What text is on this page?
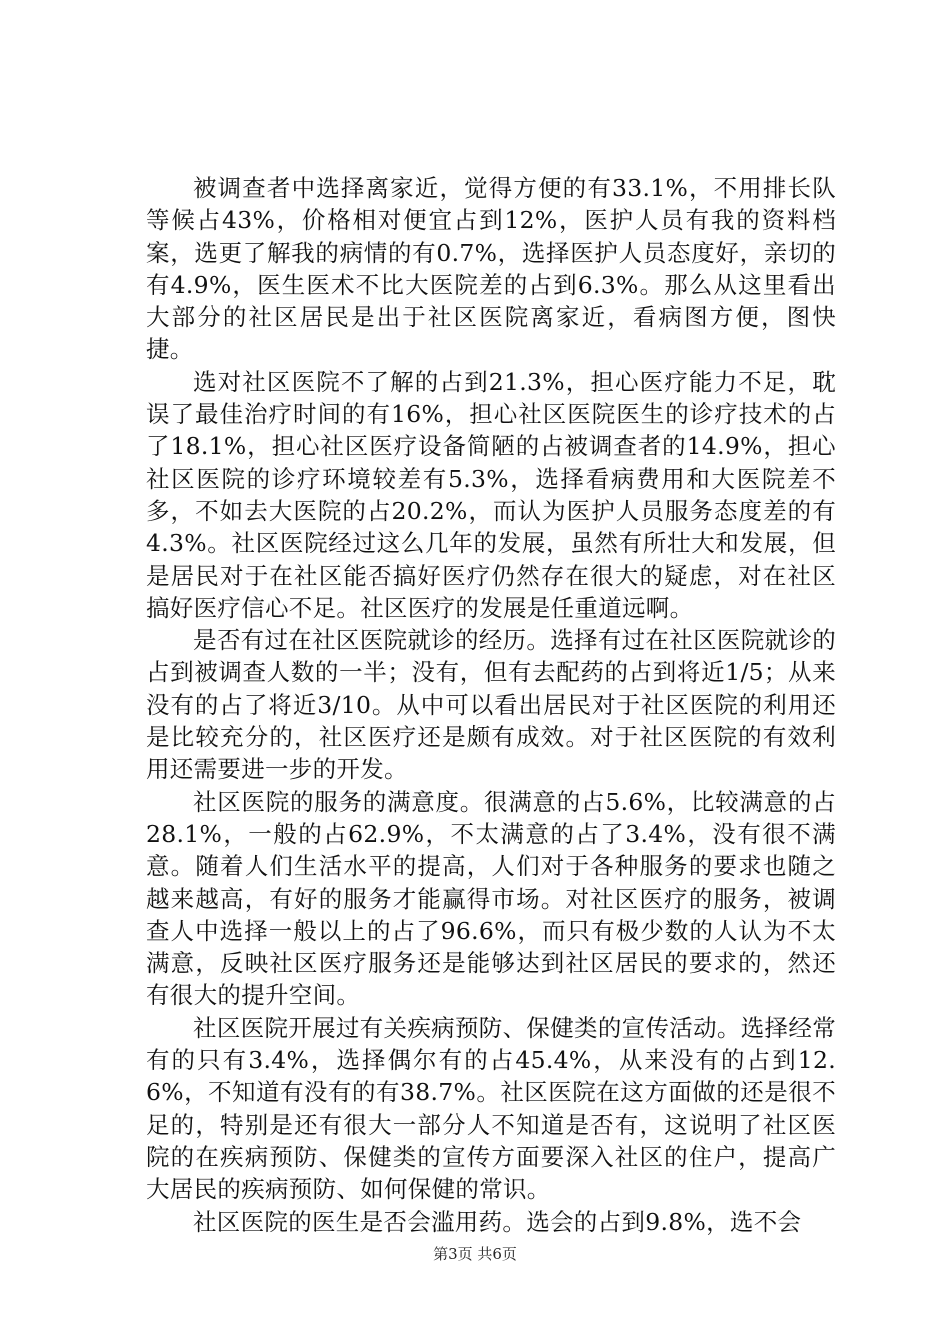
被调查者中选择离家近，觉得方便的有33.1%，不用排长队等候占43%，价格相对便宜占到12%，医护人员有我的资料档案，选更了解我的病情的有0.7%，选择医护人员态度好，亲切的有4.9%，医生医术不比大医院差的占到6.3%。那么从这里看出大部分的社区居民是出于社区医院离家近，看病图方便，图快捷。

选对社区医院不了解的占到21.3%，担心医疗能力不足，耽误了最佳治疗时间的有16%，担心社区医院医生的诊疗技术的占了18.1%，担心社区医疗设备简陋的占被调查者的14.9%，担心社区医院的诊疗环境较差有5.3%，选择看病费用和大医院差不多，不如去大医院的占20.2%，而认为医护人员服务态度差的有4.3%。社区医院经过这么几年的发展，虽然有所壮大和发展，但是居民对于在社区能否搞好医疗仍然存在很大的疑虑，对在社区搞好医疗信心不足。社区医疗的发展是任重道远啊。

是否有过在社区医院就诊的经历。选择有过在社区医院就诊的占到被调查人数的一半；没有，但有去配药的占到将近1/5；从来没有的占了将近3/10。从中可以看出居民对于社区医院的利用还是比较充分的，社区医疗还是颇有成效。对于社区医院的有效利用还需要进一步的开发。

社区医院的服务的满意度。很满意的占5.6%，比较满意的占28.1%，一般的占62.9%，不太满意的占了3.4%，没有很不满意。随着人们生活水平的提高，人们对于各种服务的要求也随之越来越高，有好的服务才能赢得市场。对社区医疗的服务，被调查人中选择一般以上的占了96.6%，而只有极少数的人认为不太满意，反映社区医疗服务还是能够达到社区居民的要求的，然还有很大的提升空间。

社区医院开展过有关疾病预防、保健类的宣传活动。选择经常有的只有3.4%，选择偶尔有的占45.4%，从来没有的占到12.6%，不知道有没有的有38.7%。社区医院在这方面做的还是很不足的，特别是还有很大一部分人不知道是否有，这说明了社区医院的在疾病预防、保健类的宣传方面要深入社区的住户，提高广大居民的疾病预防、如何保健的常识。

社区医院的医生是否会滥用药。选会的占到9.8%，选不会

第3页 共6页
